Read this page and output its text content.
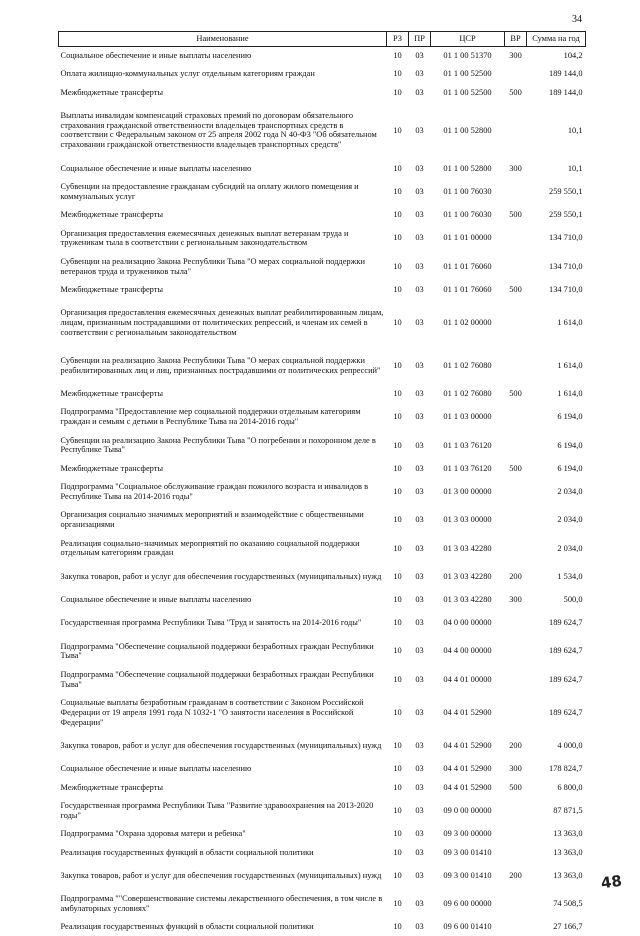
34
Наименование	РЗ	ПР	ЦСР	ВР	Сумма на год
Социальное обеспечение и иные выплаты населению	10	03	01 1 00 51370	300	104,2
Оплата жилищно-коммунальных услуг отдельным категориям граждан	10	03	01 1 00 52500		189 144,0
Межбюджетные трансферты	10	03	01 1 00 52500	500	189 144,0
Выплаты инвалидам компенсаций страховых премий по договорам обязательного страхования гражданской ответственности владельцев транспортных средств в соответствии с Федеральным законом от 25 апреля 2002 года N 40-ФЗ "Об обязательном страховании гражданской ответственности владельцев транспортных средств"	10	03	01 1 00 52800		10,1
Социальное обеспечение и иные выплаты населению	10	03	01 1 00 52800	300	10,1
Субвенции на предоставление гражданам субсидий на оплату жилого помещения и коммунальных услуг	10	03	01 1 00 76030		259 550,1
Межбюджетные трансферты	10	03	01 1 00 76030	500	259 550,1
Организация предоставления ежемесячных денежных выплат ветеранам труда и труженикам тыла в соответствии с региональным законодательством	10	03	01 1 01 00000		134 710,0
Субвенции на реализацию Закона Республики Тыва "О мерах социальной поддержки ветеранов труда и тружеников тыла"	10	03	01 1 01 76060		134 710,0
Межбюджетные трансферты	10	03	01 1 01 76060	500	134 710,0
Организация предоставления ежемесячных денежных выплат реабилитированным лицам, лицам, признанным пострадавшими от политических репрессий, и членам их семей в соответствии с региональным законодательством	10	03	01 1 02 00000		1 614,0
Субвенции на реализацию Закона Республики Тыва "О мерах социальной поддержки реабилитированных лиц и лиц, признанных пострадавшими от политических репрессий"	10	03	01 1 02 76080		1 614,0
Межбюджетные трансферты	10	03	01 1 02 76080	500	1 614,0
Подпрограмма "Предоставление мер социальной поддержки отдельным категориям граждан и семьям с детьми в Республике Тыва на 2014-2016 годы"	10	03	01 1 03 00000		6 194,0
Субвенции на реализацию Закона Республики Тыва "О погребении и похоронном деле в Республике Тыва"	10	03	01 1 03 76120		6 194,0
Межбюджетные трансферты	10	03	01 1 03 76120	500	6 194,0
Подпрограмма "Социальное обслуживание граждан пожилого возраста и инвалидов в Республике Тыва на 2014-2016 годы"	10	03	01 3 00 00000		2 034,0
Организация социально значимых мероприятий и взаимодействие с общественными организациями	10	03	01 3 03 00000		2 034,0
Реализация социально-значимых мероприятий по оказанию социальной поддержки отдельным категориям граждан	10	03	01 3 03 42280		2 034,0
Закупка товаров, работ и услуг для обеспечения государственных (муниципальных) нужд	10	03	01 3 03 42280	200	1 534,0
Социальное обеспечение и иные выплаты населению	10	03	01 3 03 42280	300	500,0
Государственная программа Республики Тыва "Труд и занятость на 2014-2016 годы"	10	03	04 0 00 00000		189 624,7
Подпрограмма "Обеспечение социальной поддержки безработных граждан Республики Тыва"	10	03	04 4 00 00000		189 624,7
Подпрограмма "Обеспечение социальной поддержки безработных граждан Республики Тыва"	10	03	04 4 01 00000		189 624,7
Социальные выплаты безработным гражданам в соответствии с Законом Российской Федерации от 19 апреля 1991 года N 1032-1 "О занятости населения в Российской Федерации"	10	03	04 4 01 52900		189 624,7
Закупка товаров, работ и услуг для обеспечения государственных (муниципальных) нужд	10	03	04 4 01 52900	200	4 000,0
Социальное обеспечение и иные выплаты населению	10	03	04 4 01 52900	300	178 824,7
Межбюджетные трансферты	10	03	04 4 01 52900	500	6 800,0
Государственная программа Республики Тыва "Развитие здравоохранения на 2013-2020 годы"	10	03	09 0 00 00000		87 871,5
Подпрограмма "Охрана здоровья матери и ребенка"	10	03	09 3 00 00000		13 363,0
Реализация государственных функций в области социальной политики	10	03	09 3 00 01410		13 363,0
Закупка товаров, работ и услуг для обеспечения государственных (муниципальных) нужд	10	03	09 3 00 01410	200	13 363,0
Подпрограмма ""Совершенствование системы лекарственного обеспечения, в том числе в амбулаторных условиях"	10	03	09 6 00 00000		74 508,5
Реализация государственных функций в области социальной политики	10	03	09 6 00 01410		27 166,7
48
